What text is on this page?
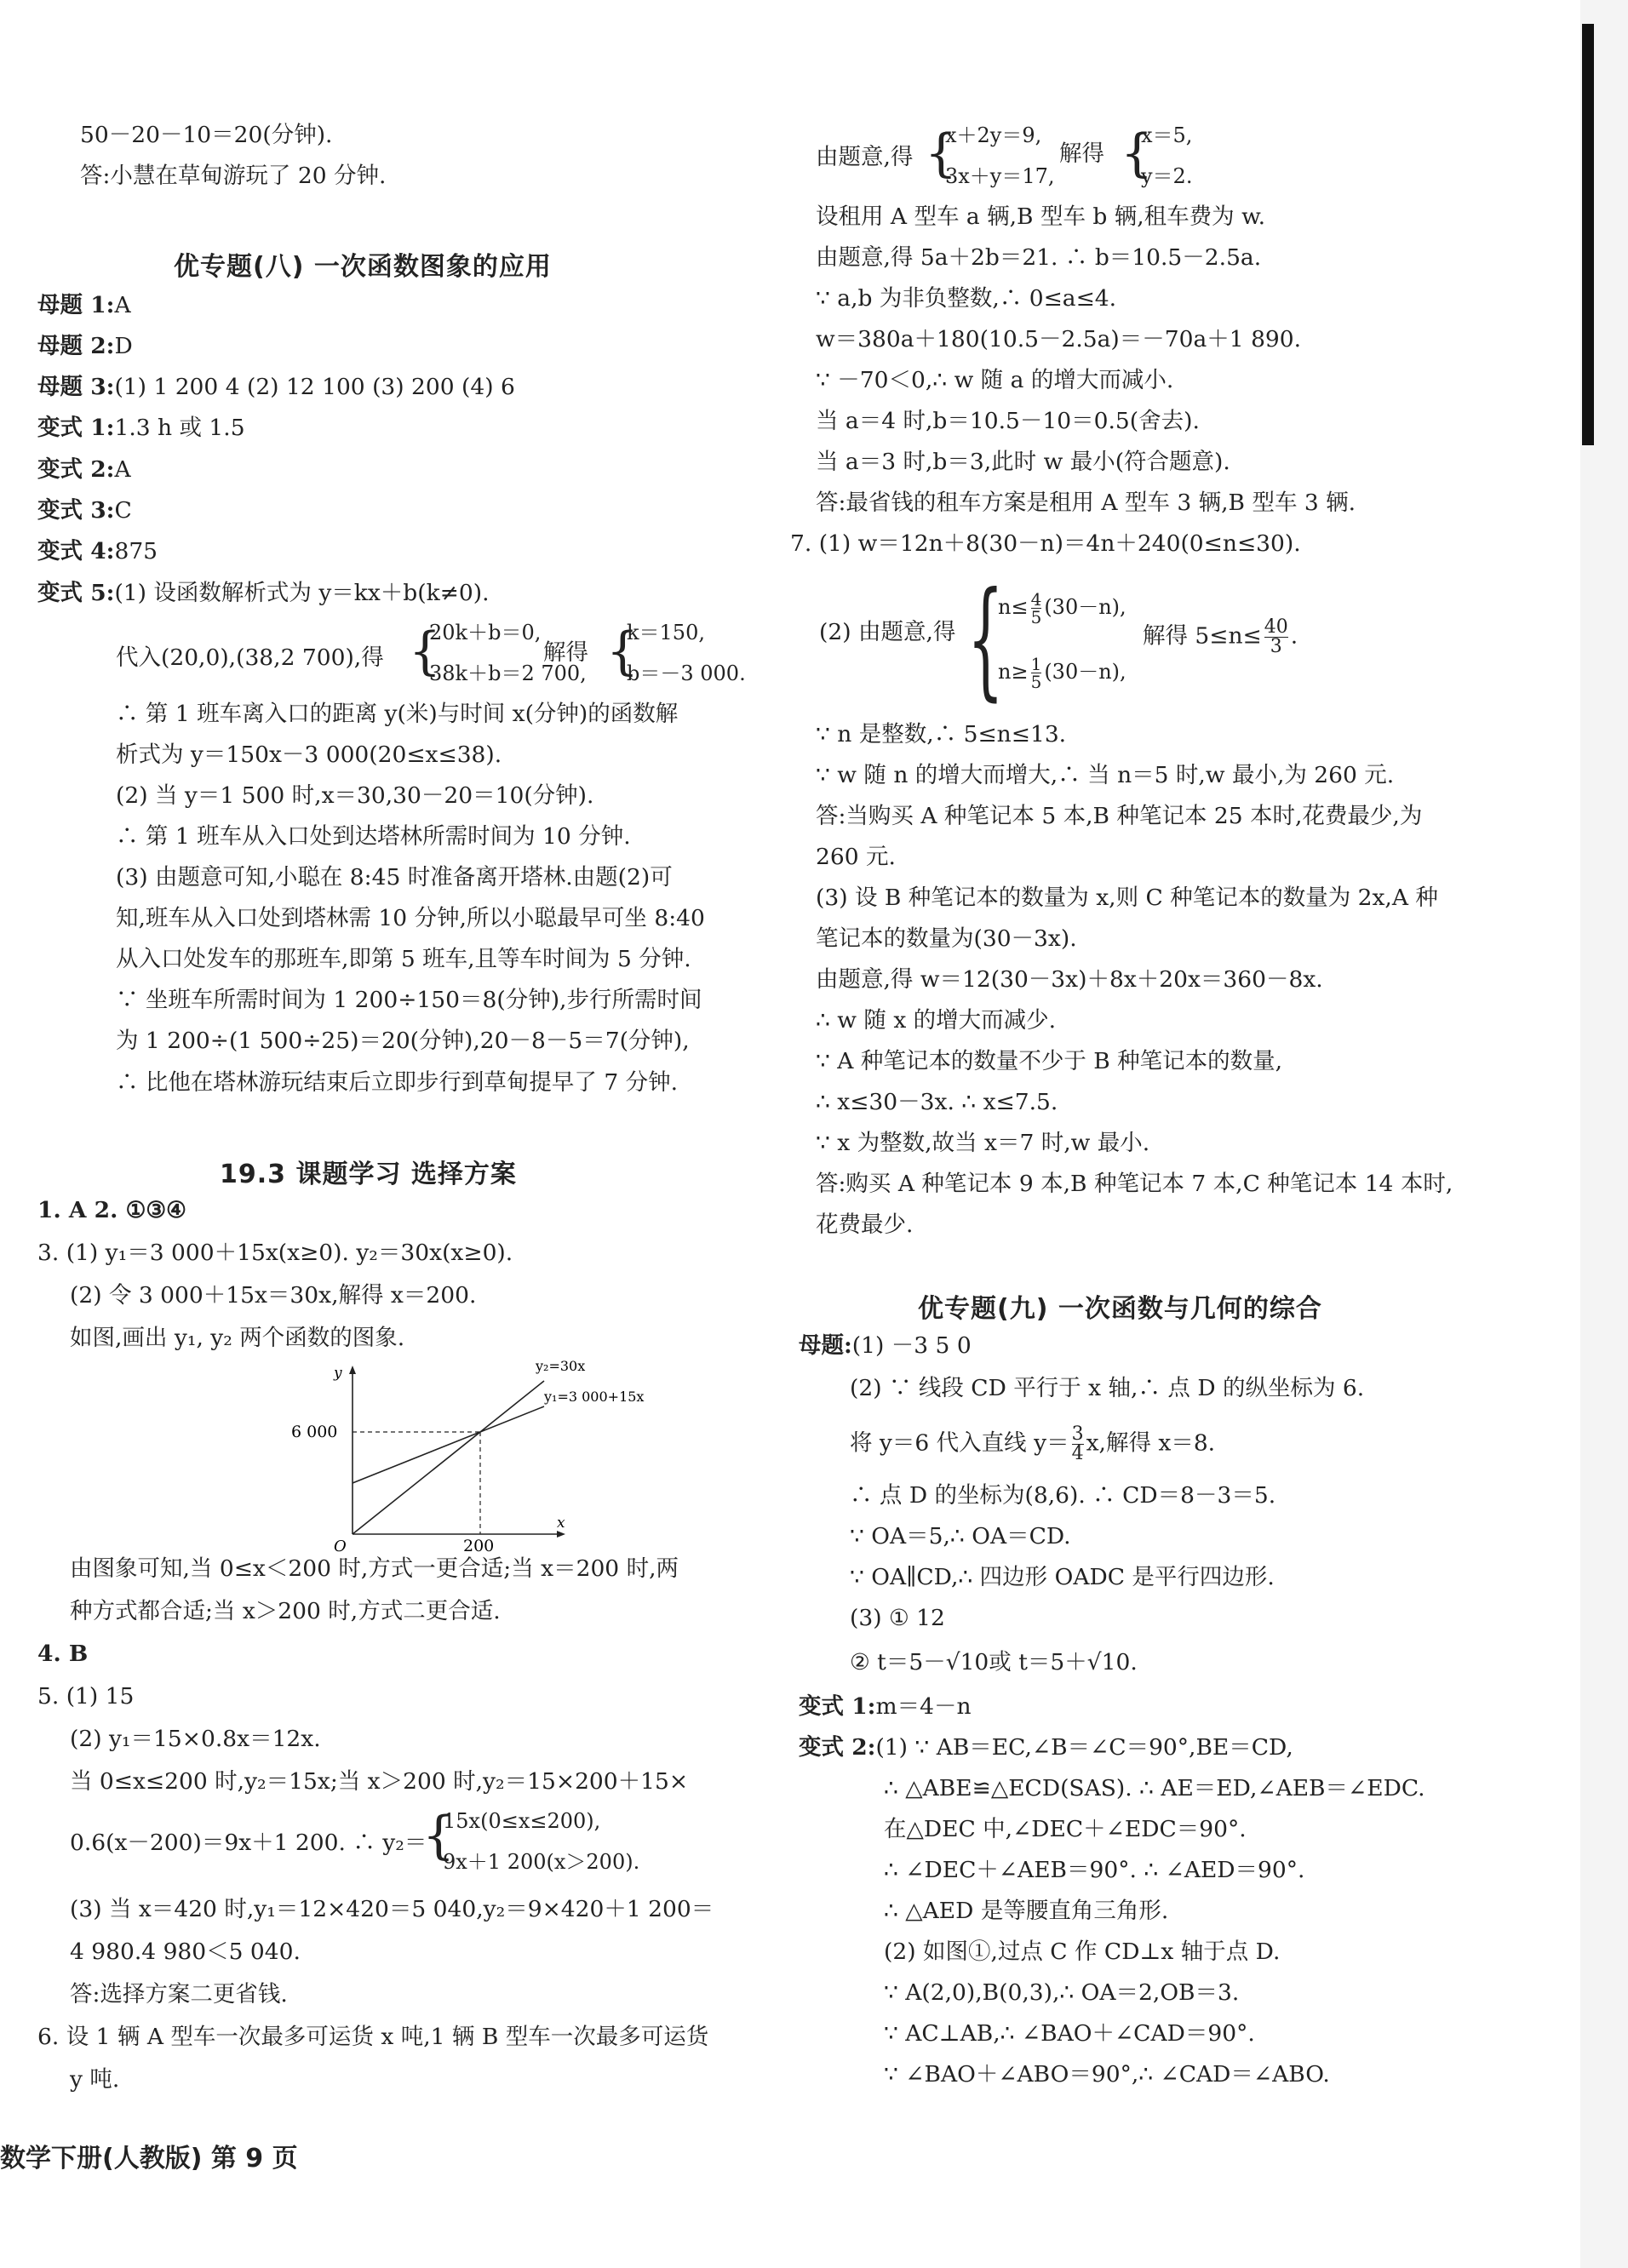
50－20－10＝20(分钟).
答:小慧在草甸游玩了 20 分钟.
优专题(八) 一次函数图象的应用
母题 1:A
母题 2:D
母题 3:(1) 1 200 4 (2) 12 100 (3) 200 (4) 6
变式 1:1.3 h 或 1.5
变式 2:A
变式 3:C
变式 4:875
变式 5:(1) 设函数解析式为 y＝kx＋b(k≠0).
代入(20,0),(38,2 700),得 {
20k＋b＝0,
38k＋b＝2 700,
解得 {
k＝150,
b＝－3 000.
∴ 第 1 班车离入口的距离 y(米)与时间 x(分钟)的函数解
析式为 y＝150x－3 000(20≤x≤38).
(2) 当 y＝1 500 时,x＝30,30－20＝10(分钟).
∴ 第 1 班车从入口处到达塔林所需时间为 10 分钟.
(3) 由题意可知,小聪在 8:45 时准备离开塔林.由题(2)可
知,班车从入口处到塔林需 10 分钟,所以小聪最早可坐 8:40
从入口处发车的那班车,即第 5 班车,且等车时间为 5 分钟.
∵ 坐班车所需时间为 1 200÷150＝8(分钟),步行所需时间
为 1 200÷(1 500÷25)＝20(分钟),20－8－5＝7(分钟),
∴ 比他在塔林游玩结束后立即步行到草甸提早了 7 分钟.
19.3 课题学习 选择方案
1. A 2. ①③④
3. (1) y₁＝3 000＋15x(x≥0). y₂＝30x(x≥0).
(2) 令 3 000＋15x＝30x,解得 x＝200.
如图,画出 y₁, y₂ 两个函数的图象.
x
y
O
y₂=30x
y₁=3 000+15x
6 000
200
由图象可知,当 0≤x＜200 时,方式一更合适;当 x＝200 时,两
种方式都合适;当 x＞200 时,方式二更合适.
4. B
5. (1) 15
(2) y₁＝15×0.8x＝12x.
当 0≤x≤200 时,y₂＝15x;当 x＞200 时,y₂＝15×200＋15×
0.6(x－200)＝9x＋1 200. ∴ y₂＝
{
15x(0≤x≤200),
9x＋1 200(x＞200).
(3) 当 x＝420 时,y₁＝12×420＝5 040,y₂＝9×420＋1 200＝
4 980.4 980＜5 040.
答:选择方案二更省钱.
6. 设 1 辆 A 型车一次最多可运货 x 吨,1 辆 B 型车一次最多可运货
y 吨.
数学下册(人教版) 第 9 页
由题意,得 {
x＋2y＝9,
3x＋y＝17,
解得 {
x＝5,
y＝2.
设租用 A 型车 a 辆,B 型车 b 辆,租车费为 w.
由题意,得 5a＋2b＝21. ∴ b＝10.5－2.5a.
∵ a,b 为非负整数,∴ 0≤a≤4.
w＝380a＋180(10.5－2.5a)＝－70a＋1 890.
∵ －70＜0,∴ w 随 a 的增大而减小.
当 a＝4 时,b＝10.5－10＝0.5(舍去).
当 a＝3 时,b＝3,此时 w 最小(符合题意).
答:最省钱的租车方案是租用 A 型车 3 辆,B 型车 3 辆.
7. (1) w＝12n＋8(30－n)＝4n＋240(0≤n≤30).
(2) 由题意,得 {
$n\le \frac{4}{5} (30-n)$,
$n\ge \frac{1}{5} (30-n)$,
解得 $5\le n\le \frac{40}{3}$ .
∵ n 是整数,∴ 5≤n≤13.
∵ w 随 n 的增大而增大,∴ 当 n＝5 时,w 最小,为 260 元.
答:当购买 A 种笔记本 5 本,B 种笔记本 25 本时,花费最少,为
260 元.
(3) 设 B 种笔记本的数量为 x,则 C 种笔记本的数量为 2x,A 种
笔记本的数量为(30－3x).
由题意,得 w＝12(30－3x)＋8x＋20x＝360－8x.
∴ w 随 x 的增大而减少.
∵ A 种笔记本的数量不少于 B 种笔记本的数量,
∴ x≤30－3x. ∴ x≤7.5.
∵ x 为整数,故当 x＝7 时,w 最小.
答:购买 A 种笔记本 9 本,B 种笔记本 7 本,C 种笔记本 14 本时,
花费最少.
优专题(九) 一次函数与几何的综合
母题:(1) －3 5 0
(2) ∵ 线段 CD 平行于 x 轴,∴ 点 D 的纵坐标为 6.
将 y＝6 代入直线 $y= \frac{3}{4} x$,解得 x＝8.
∴ 点 D 的坐标为(8,6). ∴ CD＝8－3＝5.
∵ OA＝5,∴ OA＝CD.
∵ OA∥CD,∴ 四边形 OADC 是平行四边形.
(3) ① 12
② t＝5－√10或 t＝5＋√10.
变式 1:m＝4－n
变式 2:(1) ∵ AB＝EC,∠B＝∠C＝90°,BE＝CD,
∴ △ABE≌△ECD(SAS). ∴ AE＝ED,∠AEB＝∠EDC.
在△DEC 中,∠DEC＋∠EDC＝90°.
∴ ∠DEC＋∠AEB＝90°. ∴ ∠AED＝90°.
∴ △AED 是等腰直角三角形.
(2) 如图①,过点 C 作 CD⊥x 轴于点 D.
∵ A(2,0),B(0,3),∴ OA＝2,OB＝3.
∵ AC⊥AB,∴ ∠BAO＋∠CAD＝90°.
∵ ∠BAO＋∠ABO＝90°,∴ ∠CAD＝∠ABO.
